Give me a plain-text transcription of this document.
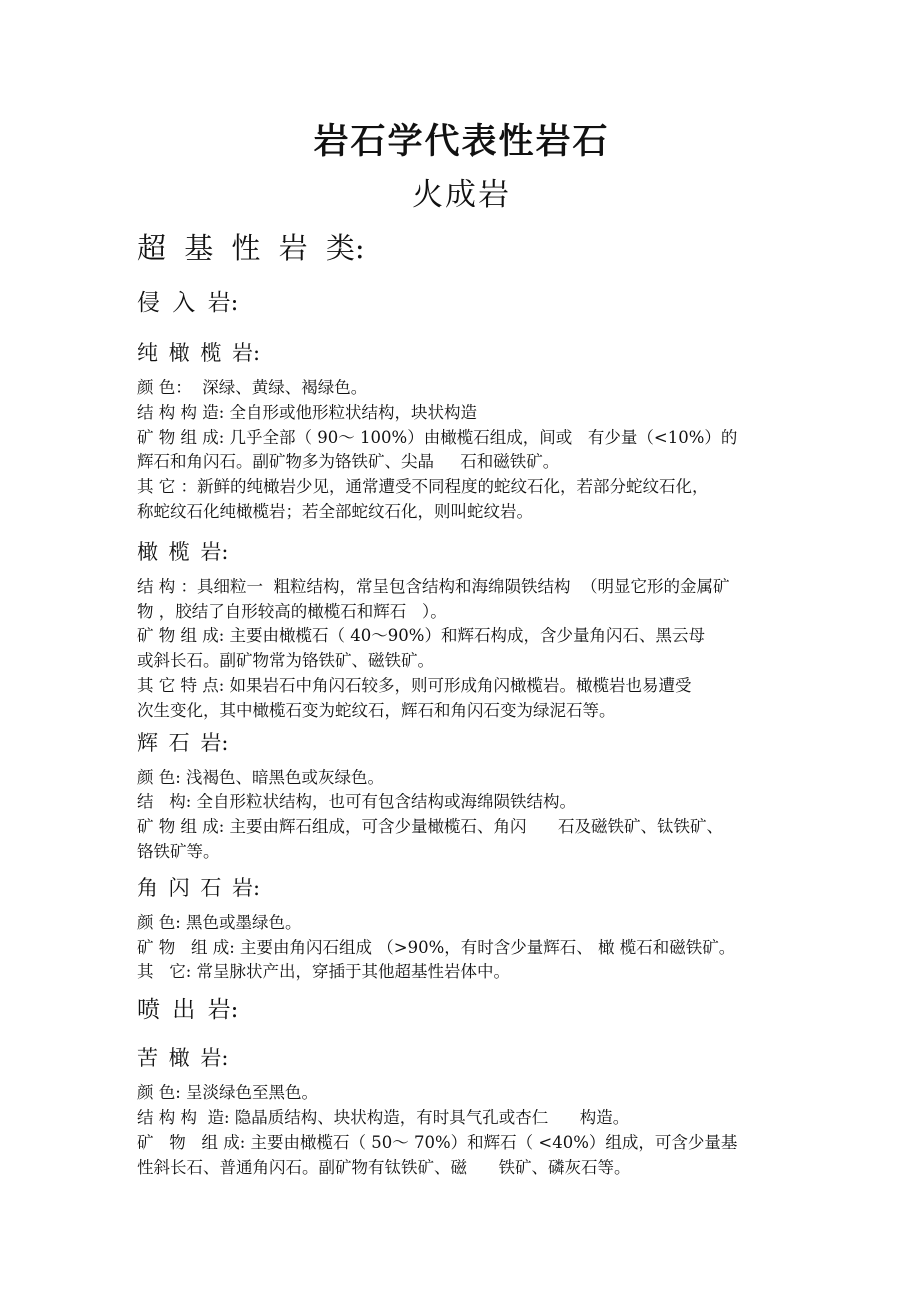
岩石学代表性岩石
火成岩
超 基 性 岩 类:
侵 入 岩:
纯 橄 榄 岩:
颜 色：  深绿、黄绿、褐绿色。
结 构 构 造: 全自形或他形粒状结构，块状构造
矿 物 组 成: 几乎全部（ 90～ 100%）由橄榄石组成，间或   有少量（<10%）的
辉石和角闪石。副矿物多为铬铁矿、尖晶     石和磁铁矿。
其 它 ：新鲜的纯橄岩少见，通常遭受不同程度的蛇纹石化，若部分蛇纹石化，
称蛇纹石化纯橄榄岩；若全部蛇纹石化，则叫蛇纹岩。
橄 榄 岩:
结 构 ：具细粒一  粗粒结构，常呈包含结构和海绵陨铁结构  （明显它形的金属矿
物 ，胶结了自形较高的橄榄石和辉石   ）。
矿 物 组 成: 主要由橄榄石（ 40～90%）和辉石构成，含少量角闪石、黑云母
或斜长石。副矿物常为铬铁矿、磁铁矿。
其 它 特 点: 如果岩石中角闪石较多，则可形成角闪橄榄岩。橄榄岩也易遭受
次生变化，其中橄榄石变为蛇纹石，辉石和角闪石变为绿泥石等。
辉 石 岩:
颜 色: 浅褐色、暗黑色或灰绿色。
结   构: 全自形粒状结构，也可有包含结构或海绵陨铁结构。
矿 物 组 成: 主要由辉石组成，可含少量橄榄石、角闪      石及磁铁矿、钛铁矿、
铬铁矿等。
角 闪 石 岩:
颜 色: 黑色或墨绿色。
矿 物   组 成: 主要由角闪石组成 （>90%，有时含少量辉石、 橄 榄石和磁铁矿。
其   它: 常呈脉状产出，穿插于其他超基性岩体中。
喷 出 岩:
苦 橄 岩:
颜 色: 呈淡绿色至黑色。
结 构 构  造: 隐晶质结构、块状构造，有时具气孔或杏仁      构造。
矿   物   组 成: 主要由橄榄石（ 50～ 70%）和辉石（ <40%）组成，可含少量基
性斜长石、普通角闪石。副矿物有钛铁矿、磁      铁矿、磷灰石等。
